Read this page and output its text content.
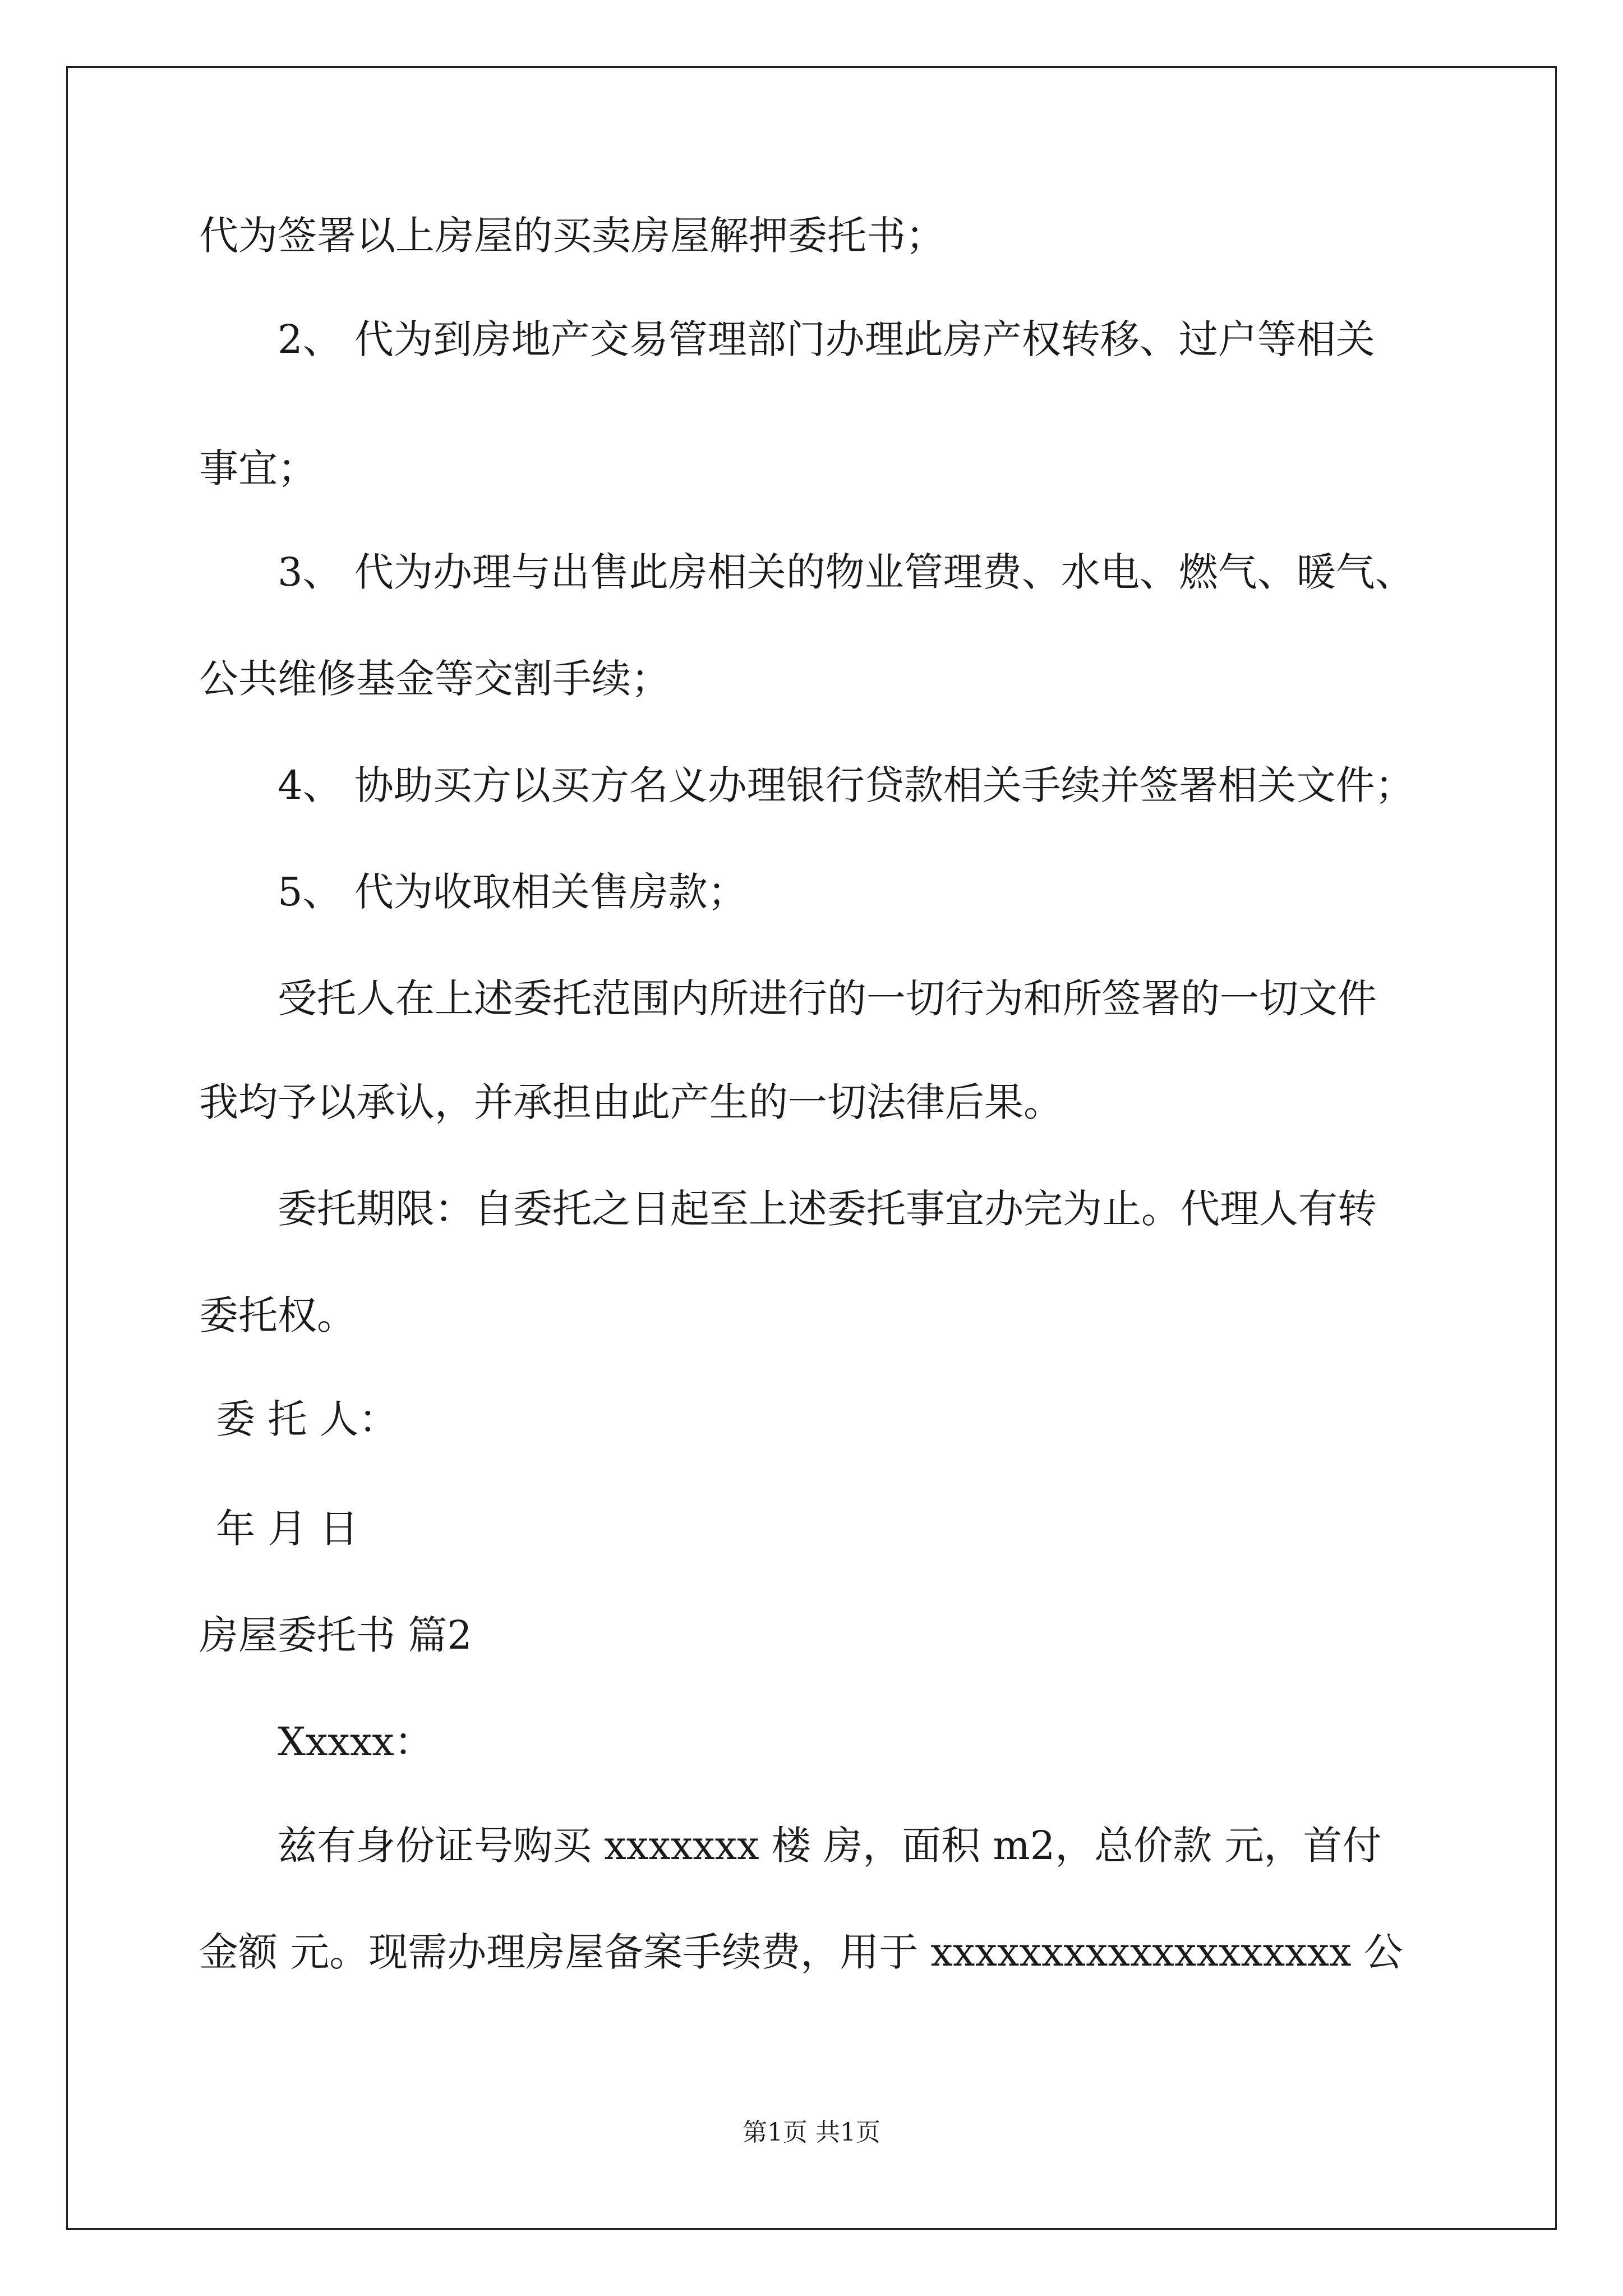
代为签署以上房屋的买卖房屋解押委托书；
2、 代为到房地产交易管理部门办理此房产权转移、过户等相关
事宜；
3、 代为办理与出售此房相关的物业管理费、水电、燃气、暖气、
公共维修基金等交割手续；
4、 协助买方以买方名义办理银行贷款相关手续并签署相关文件；
5、 代为收取相关售房款；
受托人在上述委托范围内所进行的一切行为和所签署的一切文件
我均予以承认，并承担由此产生的一切法律后果。
委托期限：自委托之日起至上述委托事宜办完为止。代理人有转
委托权。
委 托 人：
年 月 日
房屋委托书 篇2
Xxxxx：
兹有身份证号购买 xxxxxxx 楼 房，面积 m2，总价款 元，首付
金额 元。现需办理房屋备案手续费，用于 xxxxxxxxxxxxxxxxxxx 公
第1页 共1页
